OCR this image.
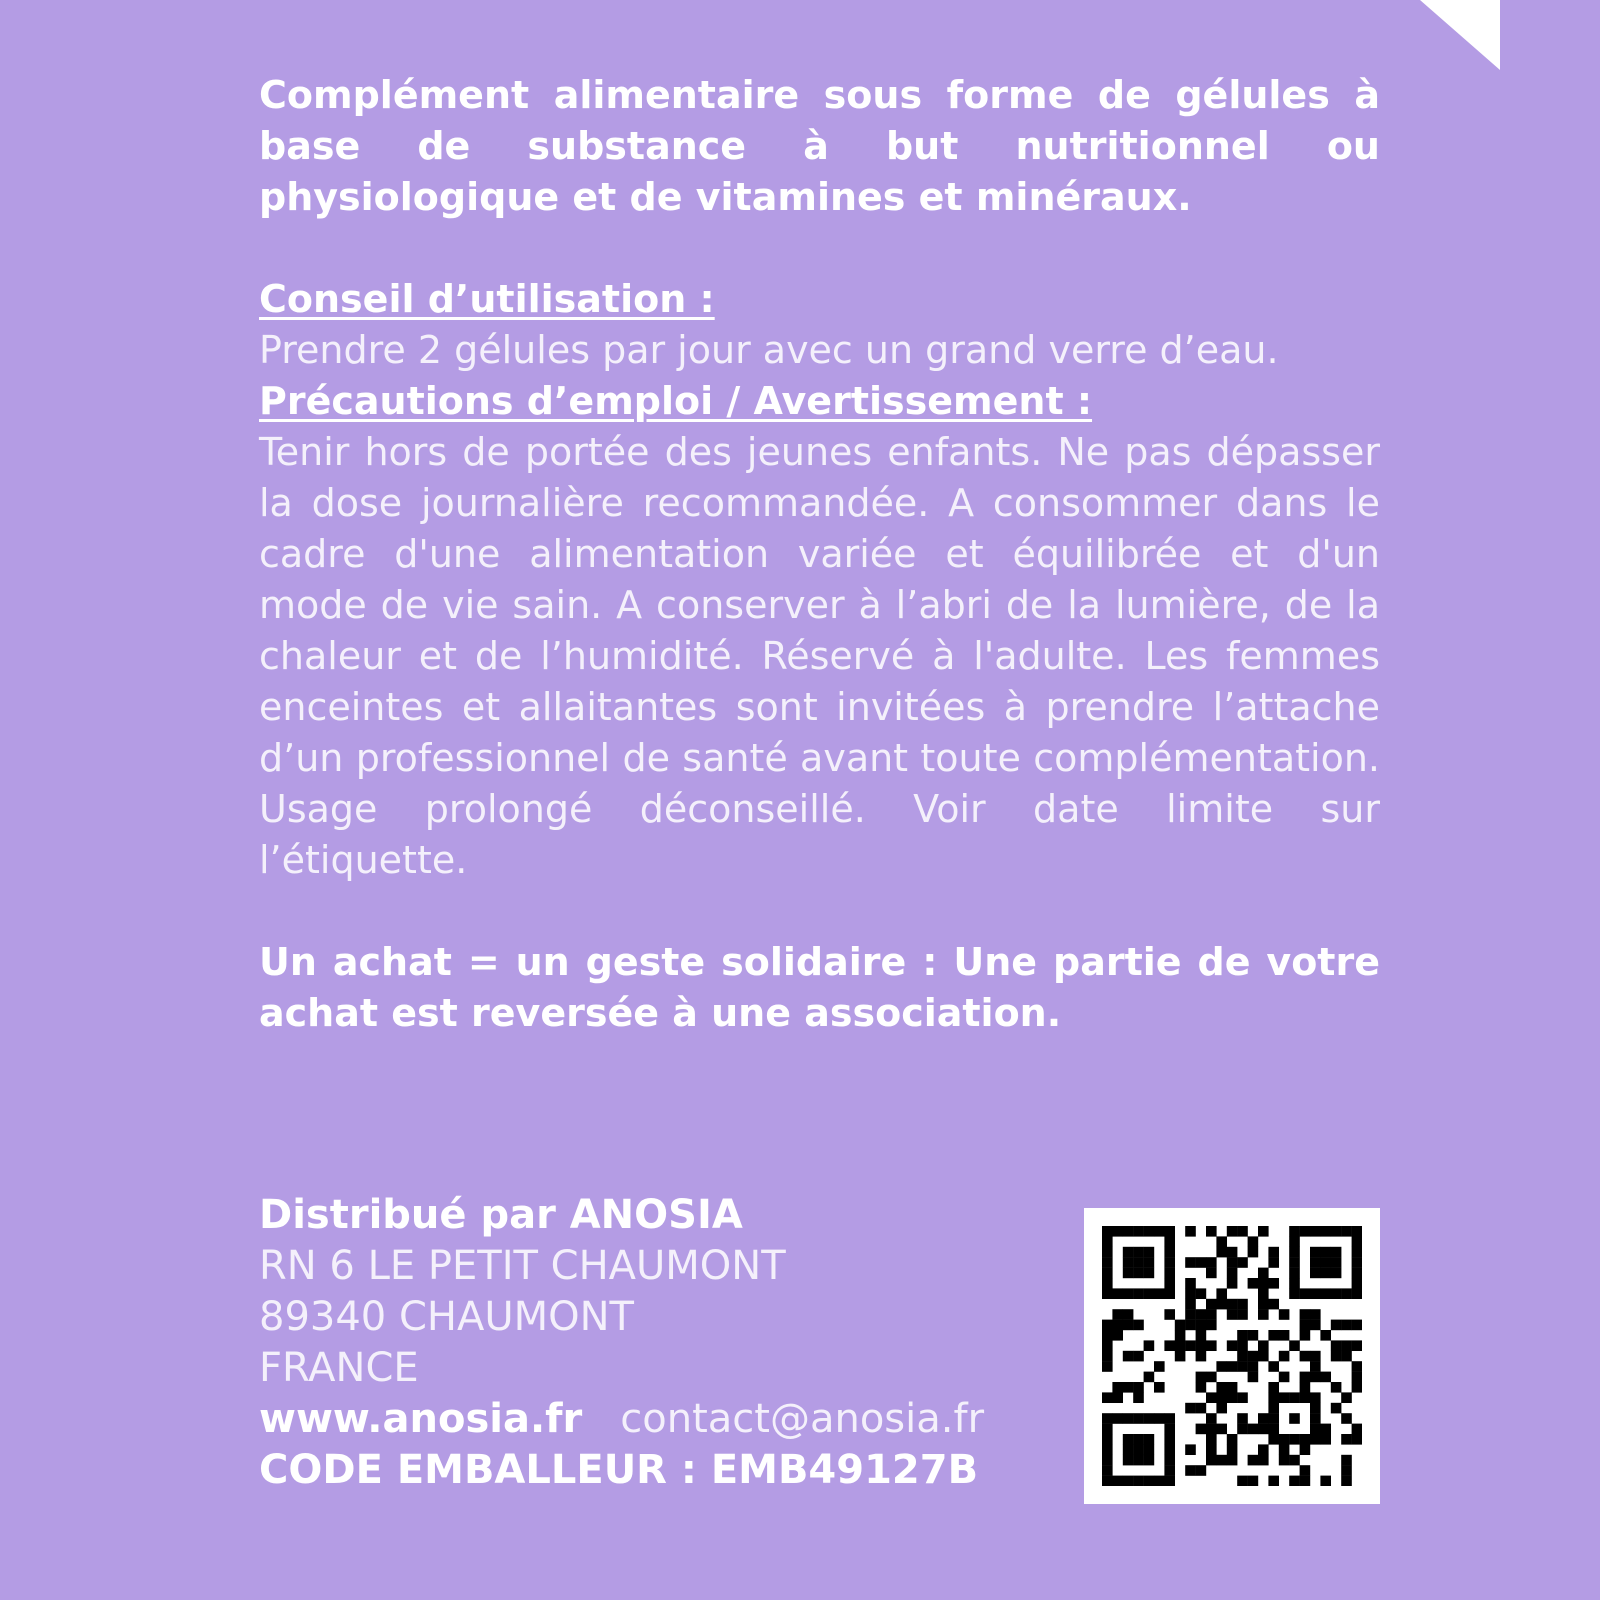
Complément alimentaire sous forme de gélules à base de substance à but nutritionnel ou physiologique et de vitamines et minéraux.

Conseil d’utilisation :

Prendre 2 gélules par jour avec un grand verre d’eau.

Précautions d’emploi / Avertissement :

Tenir hors de portée des jeunes enfants. Ne pas dépasser la dose journalière recommandée. A consommer dans le cadre d'une alimentation variée et équilibrée et d'un mode de vie sain. A conserver à l’abri de la lumière, de la chaleur et de l’humidité. Réservé à l'adulte. Les femmes enceintes et allaitantes sont invitées à prendre l’attache d’un professionnel de santé avant toute complémentation. Usage prolongé déconseillé. Voir date limite sur l’étiquette.

Un achat = un geste solidaire : Une partie de votre achat est reversée à une association.

Distribué par ANOSIA
RN 6 LE PETIT CHAUMONT
89340 CHAUMONT
FRANCE
www.anosia.fr contact@anosia.fr
CODE EMBALLEUR : EMB49127B
